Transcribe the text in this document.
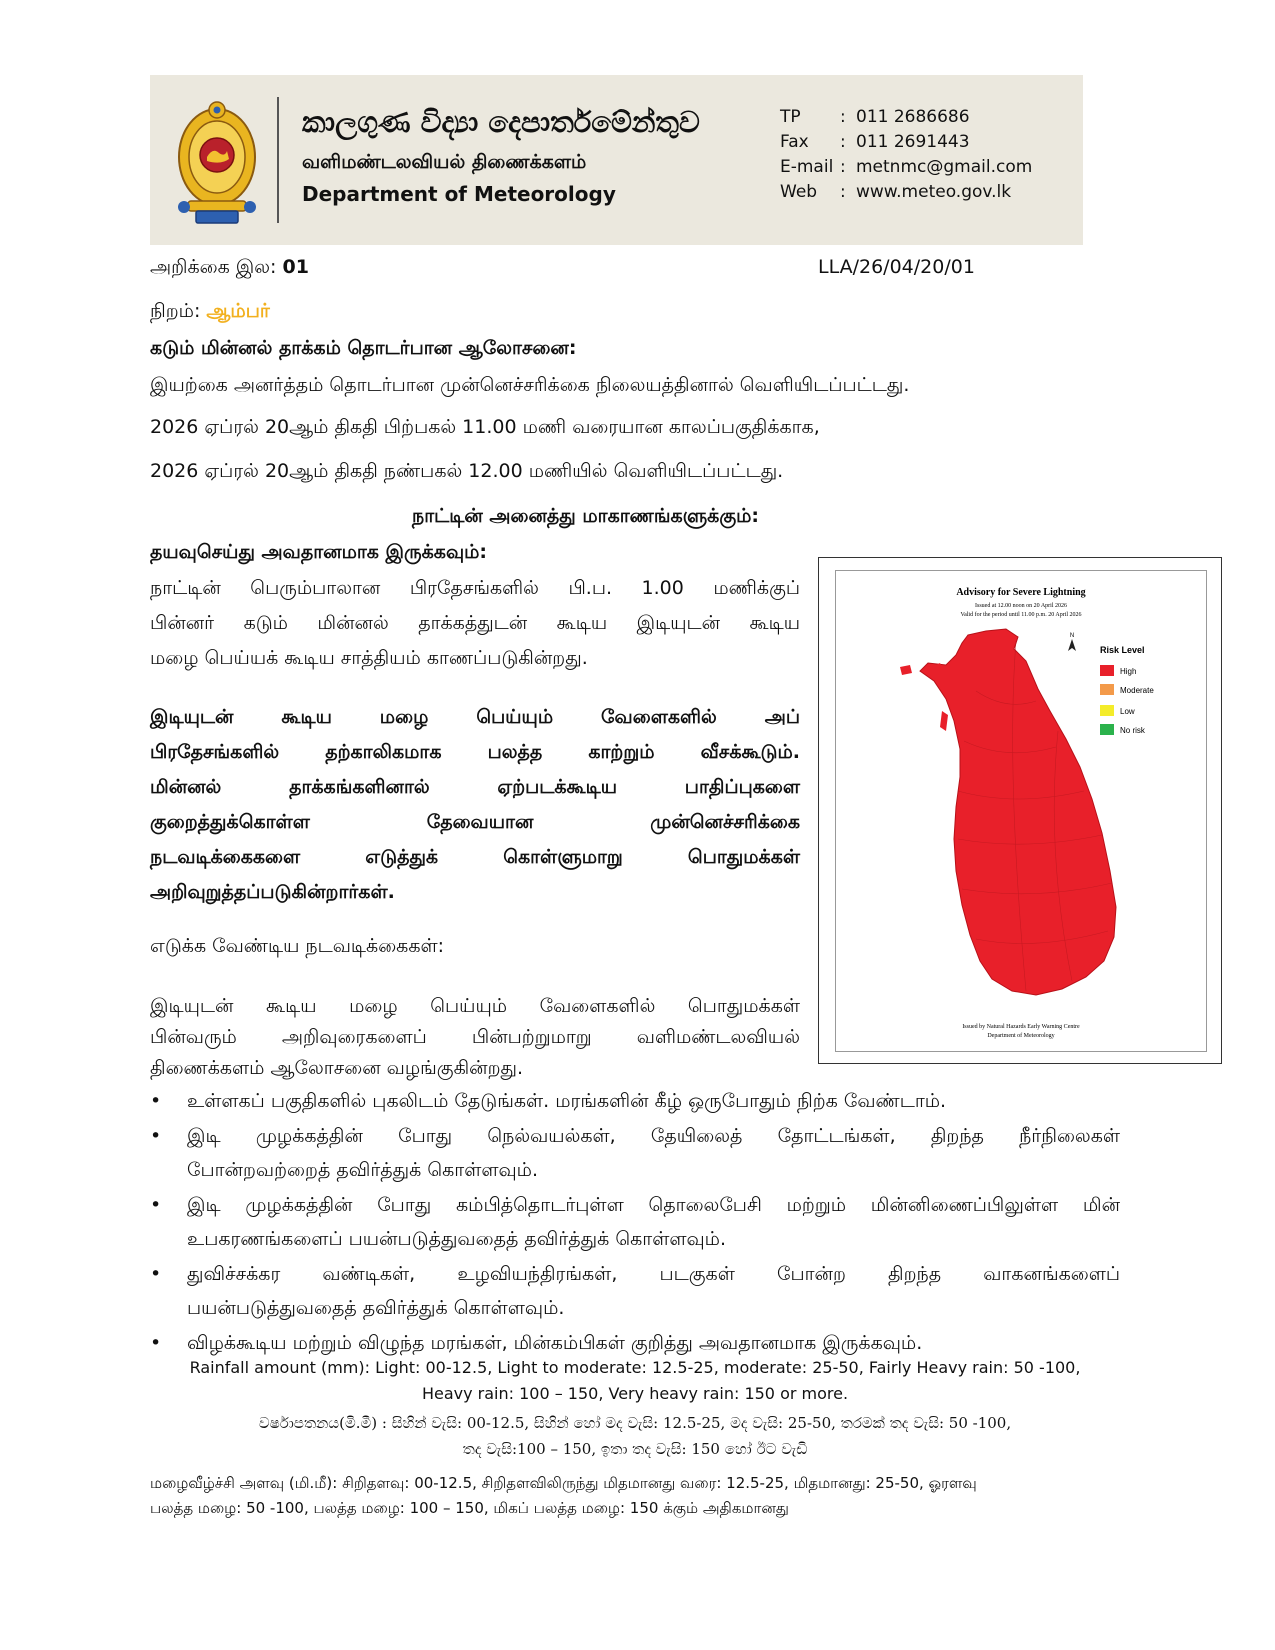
කාලගුණ විද්‍යා දෙපාර්තමේන්තුව
வளிமண்டலவியல் திணைக்களம்
Department of Meteorology
TP	: 011 2686686
Fax	: 011 2691443
E-mail : metnmc@gmail.com
Web	: www.meteo.gov.lk
அறிக்கை இல: 01	LLA/26/04/20/01
நிறம்: ஆம்பர்
கடும் மின்னல் தாக்கம் தொடர்பான ஆலோசனை:
இயற்கை அனர்த்தம் தொடர்பான முன்னெச்சரிக்கை நிலையத்தினால் வெளியிடப்பட்டது.
2026 ஏப்ரல் 20ஆம் திகதி பிற்பகல் 11.00 மணி வரையான காலப்பகுதிக்காக,
2026 ஏப்ரல் 20ஆம் திகதி நண்பகல் 12.00 மணியில் வெளியிடப்பட்டது.
நாட்டின் அனைத்து மாகாணங்களுக்கும்:
தயவுசெய்து அவதானமாக இருக்கவும்:
நாட்டின் பெரும்பாலான பிரதேசங்களில் பி.ப. 1.00 மணிக்குப்
பின்னர் கடும் மின்னல் தாக்கத்துடன் கூடிய இடியுடன் கூடிய
மழை பெய்யக் கூடிய சாத்தியம் காணப்படுகின்றது.
இடியுடன் கூடிய மழை பெய்யும் வேளைகளில் அப்
பிரதேசங்களில் தற்காலிகமாக பலத்த காற்றும் வீசக்கூடும்.
மின்னல் தாக்கங்களினால் ஏற்படக்கூடிய பாதிப்புகளை
குறைத்துக்கொள்ள தேவையான முன்னெச்சரிக்கை
நடவடிக்கைகளை எடுத்துக் கொள்ளுமாறு பொதுமக்கள்
அறிவுறுத்தப்படுகின்றார்கள்.
எடுக்க வேண்டிய நடவடிக்கைகள்:
இடியுடன் கூடிய மழை பெய்யும் வேளைகளில் பொதுமக்கள்
பின்வரும் அறிவுரைகளைப் பின்பற்றுமாறு வளிமண்டலவியல்
திணைக்களம் ஆலோசனை வழங்குகின்றது.
Advisory for Severe Lightning
Issued at 12.00 noon on 20 April 2026
Valid for the period until 11.00 p.m. 20 April 2026
N
Risk Level
High
Moderate
Low
No risk
Issued by Natural Hazards Early Warning Centre
Department of Meteorology
• உள்ளகப் பகுதிகளில் புகலிடம் தேடுங்கள். மரங்களின் கீழ் ஒருபோதும் நிற்க வேண்டாம்.
• இடி முழக்கத்தின் போது நெல்வயல்கள், தேயிலைத் தோட்டங்கள், திறந்த நீர்நிலைகள்
போன்றவற்றைத் தவிர்த்துக் கொள்ளவும்.
• இடி முழக்கத்தின் போது கம்பித்தொடர்புள்ள தொலைபேசி மற்றும் மின்னிணைப்பிலுள்ள மின்
உபகரணங்களைப் பயன்படுத்துவதைத் தவிர்த்துக் கொள்ளவும்.
• துவிச்சக்கர வண்டிகள், உழவியந்திரங்கள், படகுகள் போன்ற திறந்த வாகனங்களைப்
பயன்படுத்துவதைத் தவிர்த்துக் கொள்ளவும்.
• விழக்கூடிய மற்றும் விழுந்த மரங்கள், மின்கம்பிகள் குறித்து அவதானமாக இருக்கவும்.
Rainfall amount (mm): Light: 00-12.5, Light to moderate: 12.5-25, moderate: 25-50, Fairly Heavy rain: 50 -100,
Heavy rain: 100 – 150, Very heavy rain: 150 or more.
වර්ෂාපතනය(මි.මී) : සිහින් වැසි: 00-12.5, සිහින් හෝ මද වැසි: 12.5-25, මද වැසි: 25-50, තරමක් තද වැසි: 50 -100,
තද වැසි:100 – 150, ඉතා තද වැසි: 150 හෝ ඊට වැඩි
மழைவீழ்ச்சி அளவு (மி.மீ): சிறிதளவு: 00-12.5, சிறிதளவிலிருந்து மிதமானது வரை: 12.5-25, மிதமானது: 25-50, ஓரளவு
பலத்த மழை: 50 -100, பலத்த மழை: 100 – 150, மிகப் பலத்த மழை: 150 க்கும் அதிகமானது
